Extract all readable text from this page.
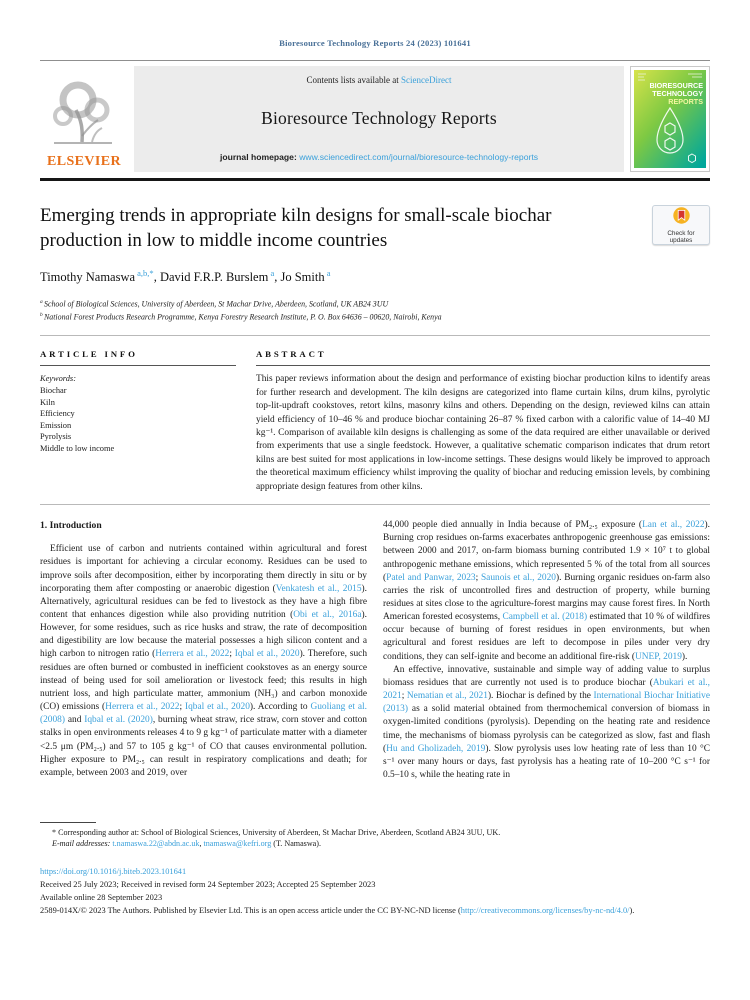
Bioresource Technology Reports 24 (2023) 101641
ELSEVIER
Contents lists available at ScienceDirect
Bioresource Technology Reports
journal homepage: www.sciencedirect.com/journal/bioresource-technology-reports
BIORESOURCE
TECHNOLOGY
REPORTS
Emerging trends in appropriate kiln designs for small-scale biochar production in low to middle income countries	Check for
updates
Timothy Namaswa $^{a,b,*}$, David F.R.P. Burslem $^a$, Jo Smith $^a$
$^a$ School of Biological Sciences, University of Aberdeen, St Machar Drive, Aberdeen, Scotland, UK AB24 3UU
$^b$ National Forest Products Research Programme, Kenya Forestry Research Institute, P. O. Box 64636 – 00620, Nairobi, Kenya
ARTICLE INFO
Keywords:
Biochar
Kiln
Efficiency
Emission
Pyrolysis
Middle to low income
ABSTRACT
This paper reviews information about the design and performance of existing biochar production kilns to identify areas for further research and development. The kiln designs are categorized into flame curtain kilns, drum kilns, pyrolytic top-lit-updraft cookstoves, retort kilns, masonry kilns and others. Depending on the design, reviewed kilns can attain yield efficiency of 10–46 % and produce biochar containing 26–87 % fixed carbon with a calorific value of 14–40 MJ kg⁻¹. Comparison of available kiln designs is challenging as some of the data required are either unavailable or derived from experiments that use a single feedstock. However, a qualitative schematic comparison indicates that drum retort kilns are best suited for most applications in low-income settings. These designs would likely be improved to approach the theoretical maximum efficiency whilst improving the quality of biochar and reducing emission levels, by combining appropriate design features from other kilns.
1. Introduction

Efficient use of carbon and nutrients contained within agricultural and forest residues is important for achieving a circular economy. Residues can be used to improve soils after decomposition, either by incorporating them directly in situ or by incorporating them after composting or anaerobic digestion (Venkatesh et al., 2015). Alternatively, agricultural residues can be fed to livestock as they have a high fibre content that enhances digestion while also providing nutrition (Obi et al., 2016a). However, for some residues, such as rice husks and straw, the rate of decomposition and digestibility are low because the material possesses a high silicon content and a high carbon to nitrogen ratio (Herrera et al., 2022; Iqbal et al., 2020). Therefore, such residues are often burned or combusted in inefficient cookstoves as an energy source instead of being used for soil amelioration or livestock feed; this results in high nutrient loss, and high particulate matter, ammonium (NH₃) and carbon monoxide (CO) emissions (Herrera et al., 2022; Iqbal et al., 2020). According to Guoliang et al. (2008) and Iqbal et al. (2020), burning wheat straw, rice straw, corn stover and cotton stalks in open environments releases 4 to 9 g kg⁻¹ of particulate matter with a diameter <2.5 μm (PM₂.₅) and 57 to 105 g kg⁻¹ of CO that causes environmental pollution. Higher exposure to PM₂.₅ can result in respiratory complications and death; for example, between 2003 and 2019, over

44,000 people died annually in India because of PM₂.₅ exposure (Lan et al., 2022). Burning crop residues on-farms exacerbates anthropogenic greenhouse gas emissions: between 2000 and 2017, on-farm biomass burning contributed 1.9 × 10⁷ t to global anthropogenic methane emissions, which represented 5 % of the total from all sources (Patel and Panwar, 2023; Saunois et al., 2020). Burning organic residues on-farm also carries the risk of uncontrolled fires and destruction of property, while burning residues at sites close to the agriculture-forest margins may cause forest fires. In North American forested ecosystems, Campbell et al. (2018) estimated that 10 % of wildfires occur because of burning of forest residues in open environments, but when agricultural and forest residues are left to decompose in piles under very dry conditions, they can self-ignite and become an additional fire-risk (UNEP, 2019).

An effective, innovative, sustainable and simple way of adding value to surplus biomass residues that are currently not used is to produce biochar (Abukari et al., 2021; Nematian et al., 2021). Biochar is defined by the International Biochar Initiative (2013) as a solid material obtained from thermochemical conversion of biomass in oxygen-limited conditions (pyrolysis). Depending on the heating rate and residence time, the mechanisms of biomass pyrolysis can be categorized as slow, fast and flash (Hu and Gholizadeh, 2019). Slow pyrolysis uses low heating rate of less than 10 °C s⁻¹ over many hours or days, fast pyrolysis has a heating rate of 10–200 °C s⁻¹ for 0.5–10 s, while the heating rate in

* Corresponding author at: School of Biological Sciences, University of Aberdeen, St Machar Drive, Aberdeen, Scotland AB24 3UU, UK.
E-mail addresses: t.namaswa.22@abdn.ac.uk, tnamaswa@kefri.org (T. Namaswa).
https://doi.org/10.1016/j.biteb.2023.101641
Received 25 July 2023; Received in revised form 24 September 2023; Accepted 25 September 2023
Available online 28 September 2023
2589-014X/© 2023 The Authors. Published by Elsevier Ltd. This is an open access article under the CC BY-NC-ND license (http://creativecommons.org/licenses/by-nc-nd/4.0/).
